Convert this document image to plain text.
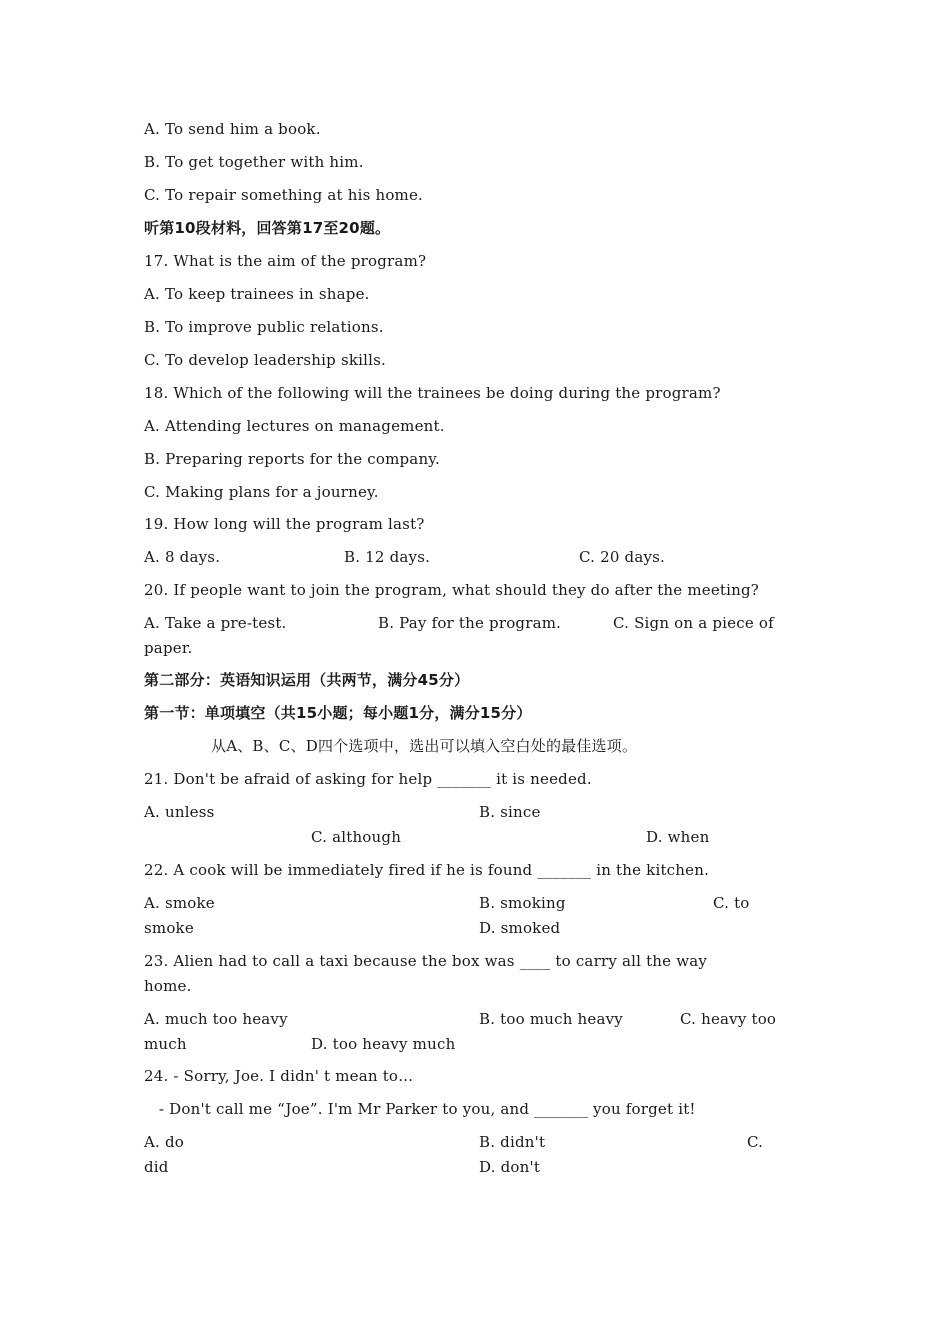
A. To send him a book.
B. To get together with him.
C. To repair something at his home.
听第10段材料，回答第17至20题。
17. What is the aim of the program?
A. To keep trainees in shape.
B. To improve public relations.
C. To develop leadership skills.
18. Which of the following will the trainees be doing during the program?
A. Attending lectures on management.
B. Preparing reports for the company.
C. Making plans for a journey.
19. How long will the program last?
A. 8 days.	B. 12 days.	C. 20 days.
20. If people want to join the program, what should they do after the meeting?
A. Take a pre-test.	B. Pay for the program.	C. Sign on a piece of
paper.
第二部分：英语知识运用（共两节，满分45分）
第一节：单项填空（共15小题；每小题1分，满分15分）
从A、B、C、D四个选项中，选出可以填入空白处的最佳选项。
21. Don't be afraid of asking for help _______ it is needed.
A. unless	B. since
C. although	D. when
22. A cook will be immediately fired if he is found _______ in the kitchen.
A. smoke	B. smoking	C. to
smoke	D. smoked
23. Alien had to call a taxi because the box was ____ to carry all the way
home.
A. much too heavy	B. too much heavy	C. heavy too
much	D. too heavy much
24. - Sorry, Joe. I didn' t mean to…
- Don't call me “Joe”. I'm Mr Parker to you, and _______ you forget it!
A. do	B. didn't	C.
did	D. don't
